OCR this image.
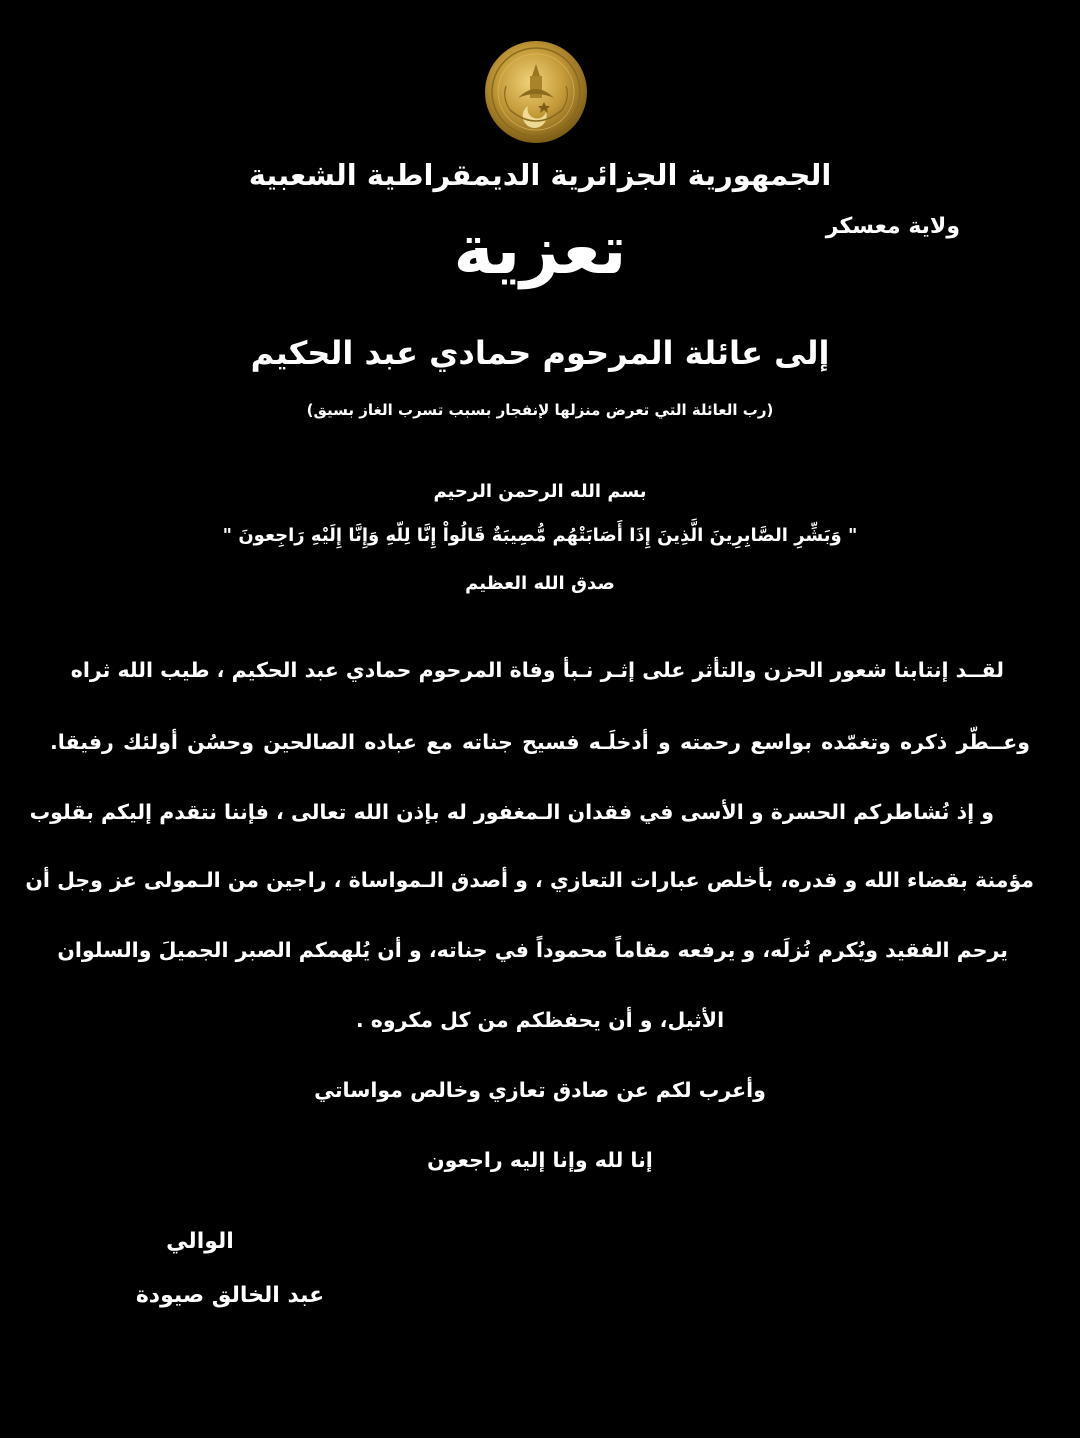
الجمهورية الجزائرية الديمقراطية الشعبية

ولاية معسكر

تعزية

إلى عائلة المرحوم حمادي عبد الحكيم

(رب العائلة التي تعرض منزلها لإنفجار بسبب تسرب الغاز بسيق)

بسم الله الرحمن الرحيم

" وَبَشِّرِ الصَّابِرِينَ الَّذِينَ إِذَا أَصَابَتْهُم مُّصِيبَةٌ قَالُواْ إِنَّا لِلّهِ وَإِنَّا إِلَيْهِ رَاجِعونَ "

صدق الله العظيم

لقــد إنتابنا شعور الحزن والتأثر على إثـر نـبأ وفاة المرحوم حمادي عبد الحكيم ، طيب الله ثراه

وعــطّر ذكره وتغمّده بواسع رحمته و أدخلَـه فسيح جناته مع عباده الصالحين وحسُن أولئك رفيقا.

و إذ نُشاطركم الحسرة و الأسى في فقدان الـمغفور له بإذن الله تعالى ، فإننا نتقدم إليكم بقلوب

مؤمنة بقضاء الله و قدره، بأخلص عبارات التعازي ، و أصدق الـمواساة ، راجين من الـمولى عز وجل أن

يرحم الفقيد ويُكرم نُزلَه، و يرفعه مقاماً محموداً في جناته، و أن يُلهمكم الصبر الجميلَ والسلوان

الأثيل، و أن يحفظكم من كل مكروه .

وأعرب لكم عن صادق تعازي وخالص مواساتي

إنا لله وإنا إليه راجعون

الوالي

عبد الخالق صيودة
